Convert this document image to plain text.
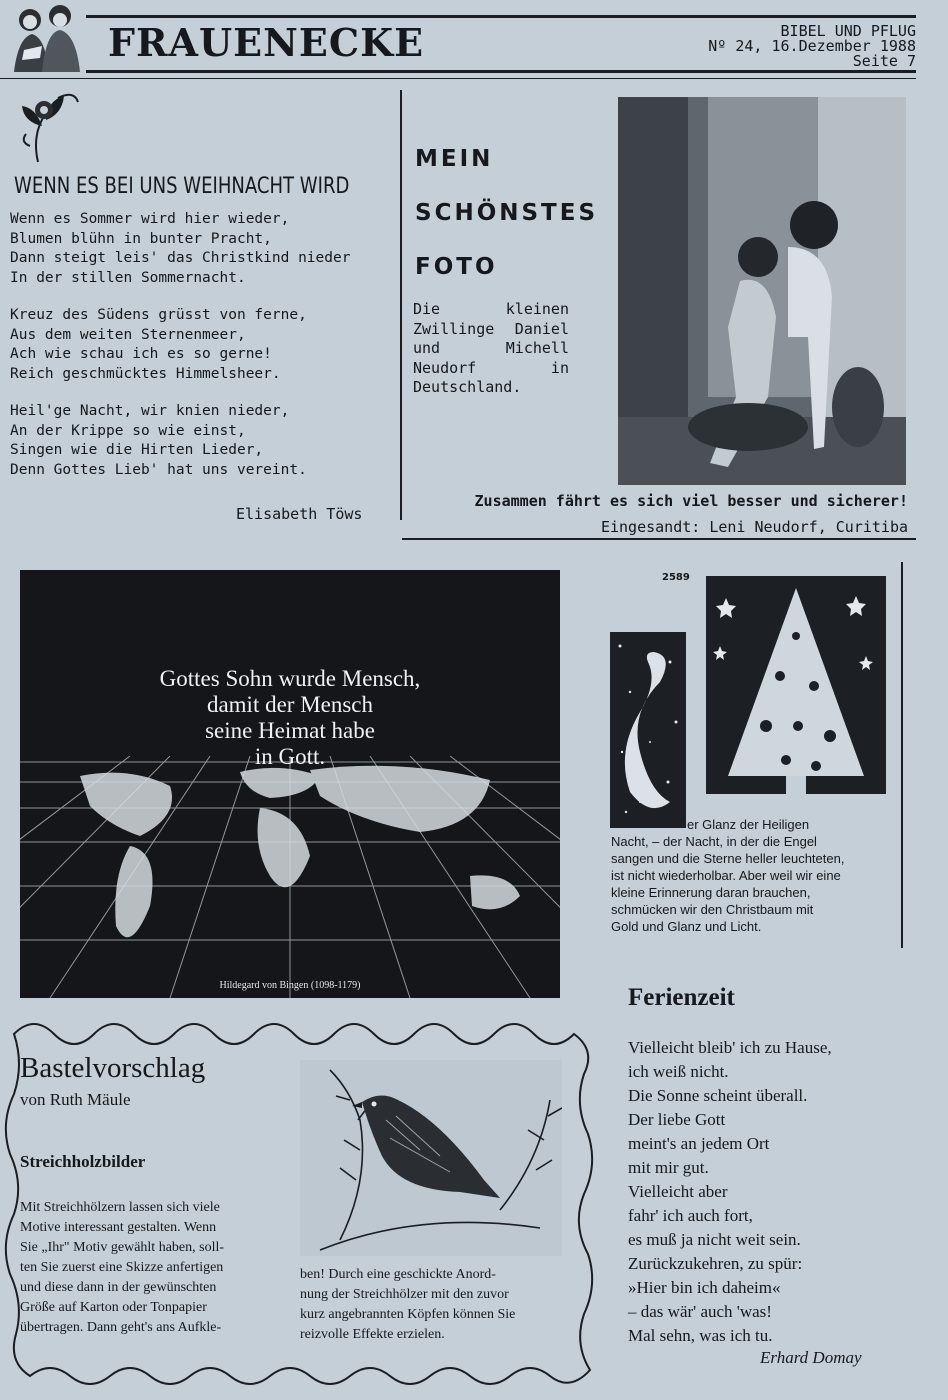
FRAUENECKE	BIBEL UND PFLUG
Nº 24, 16.Dezember 1988
Seite 7
WENN ES BEI UNS WEIHNACHT WIRD
Wenn es Sommer wird hier wieder,
Blumen blühn in bunter Pracht,
Dann steigt leis' das Christkind nieder
In der stillen Sommernacht.
Kreuz des Südens grüsst von ferne,
Aus dem weiten Sternenmeer,
Ach wie schau ich es so gerne!
Reich geschmücktes Himmelsheer.
Heil'ge Nacht, wir knien nieder,
An der Krippe so wie einst,
Singen wie die Hirten Lieder,
Denn Gottes Lieb' hat uns vereint.
Elisabeth Töws
MEIN
SCHÖNSTES
FOTO
Die kleinen Zwillinge Daniel und Michell Neudorf in Deutschland.
Zusammen fährt es sich viel besser und sicherer!
Eingesandt: Leni Neudorf, Curitiba
Gottes Sohn wurde Mensch,
damit der Mensch
seine Heimat habe
in Gott.
Hildegard von Bingen (1098-1179)
2589
er Glanz der Heiligen
Nacht, – der Nacht, in der die Engel
sangen und die Sterne heller leuchteten,
ist nicht wiederholbar. Aber weil wir eine
kleine Erinnerung daran brauchen,
schmücken wir den Christbaum mit
Gold und Glanz und Licht.
Bastelvorschlag
von Ruth Mäule
Streichholzbilder
Mit Streichhölzern lassen sich viele
Motive interessant gestalten. Wenn
Sie „Ihr" Motiv gewählt haben, soll-
ten Sie zuerst eine Skizze anfertigen
und diese dann in der gewünschten
Größe auf Karton oder Tonpapier
übertragen. Dann geht's ans Aufkle-
ben! Durch eine geschickte Anord-
nung der Streichhölzer mit den zuvor
kurz angebrannten Köpfen können Sie
reizvolle Effekte erzielen.
Ferienzeit
Vielleicht bleib' ich zu Hause,
ich weiß nicht.
Die Sonne scheint überall.
Der liebe Gott
meint's an jedem Ort
mit mir gut.
Vielleicht aber
fahr' ich auch fort,
es muß ja nicht weit sein.
Zurückzukehren, zu spür:
»Hier bin ich daheim«
– das wär' auch 'was!
Mal sehn, was ich tu.
Erhard Domay
